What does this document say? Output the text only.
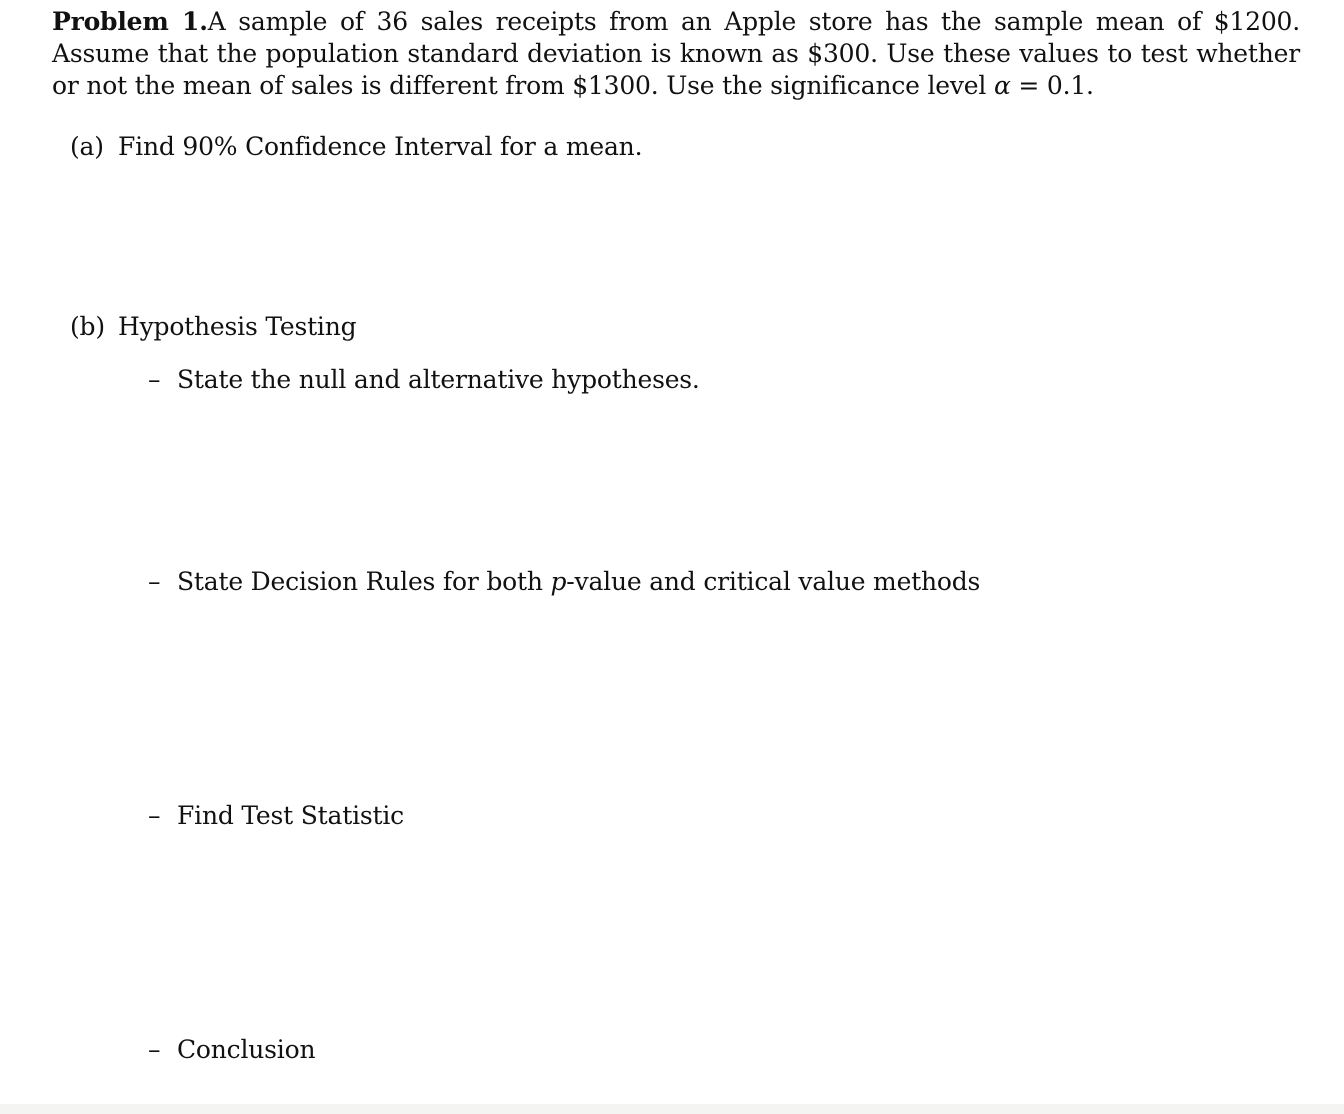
Problem 1.A sample of 36 sales receipts from an Apple store has the sample mean of $1200. Assume that the population standard deviation is known as $300. Use these values to test whether or not the mean of sales is different from $1300. Use the significance level α = 0.1.
(a) Find 90% Confidence Interval for a mean.
(b) Hypothesis Testing
– State the null and alternative hypotheses.
– State Decision Rules for both p-value and critical value methods
– Find Test Statistic
– Conclusion
